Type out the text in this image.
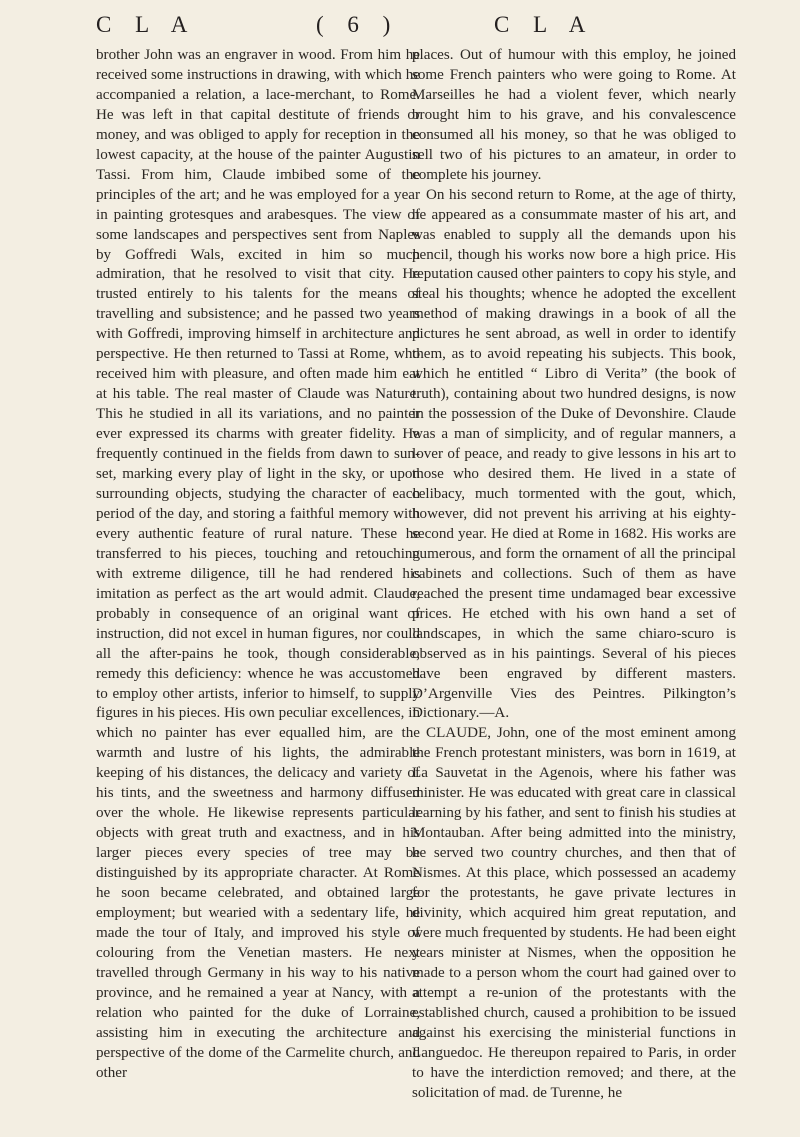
C L A	( 6 )	C L A

brother John was an engraver in wood. From him he received some instructions in drawing, with which he accompanied a relation, a lace-merchant, to Rome. He was left in that capital destitute of friends or money, and was obliged to apply for reception in the lowest capacity, at the house of the painter Augustin Tassi. From him, Claude imbibed some of the principles of the art; and he was employed for a year in painting grotesques and arabesques. The view of some landscapes and perspectives sent from Naples by Goffredi Wals, excited in him so much admiration, that he resolved to visit that city. He trusted entirely to his talents for the means of travelling and subsistence; and he passed two years with Goffredi, improving himself in architecture and perspective. He then returned to Tassi at Rome, who received him with pleasure, and often made him eat at his table. The real master of Claude was Nature. This he studied in all its variations, and no painter ever expressed its charms with greater fidelity. He frequently continued in the fields from dawn to sun-set, marking every play of light in the sky, or upon surrounding objects, studying the character of each period of the day, and storing a faithful memory with every authentic feature of rural nature. These he transferred to his pieces, touching and retouching with extreme diligence, till he had rendered his imitation as perfect as the art would admit. Claude, probably in consequence of an original want of instruction, did not excel in human figures, nor could all the after-pains he took, though considerable, remedy this deficiency: whence he was accustomed to employ other artists, inferior to himself, to supply figures in his pieces. His own peculiar excellences, in which no painter has ever equalled him, are the warmth and lustre of his lights, the admirable keeping of his distances, the delicacy and variety of his tints, and the sweetness and harmony diffused over the whole. He likewise represents particular objects with great truth and exactness, and in his larger pieces every species of tree may be distinguished by its appropriate character. At Rome he soon became celebrated, and obtained large employment; but wearied with a sedentary life, he made the tour of Italy, and improved his style of colouring from the Venetian masters. He next travelled through Germany in his way to his native province, and he remained a year at Nancy, with a relation who painted for the duke of Lorraine, assisting him in executing the architecture and perspective of the dome of the Carmelite church, and other

places. Out of humour with this employ, he joined some French painters who were going to Rome. At Marseilles he had a violent fever, which nearly brought him to his grave, and his convalescence consumed all his money, so that he was obliged to sell two of his pictures to an amateur, in order to complete his journey.

On his second return to Rome, at the age of thirty, he appeared as a consummate master of his art, and was enabled to supply all the demands upon his pencil, though his works now bore a high price. His reputation caused other painters to copy his style, and steal his thoughts; whence he adopted the excellent method of making drawings in a book of all the pictures he sent abroad, as well in order to identify them, as to avoid repeating his subjects. This book, which he entitled “ Libro di Verita” (the book of truth), containing about two hundred designs, is now in the possession of the Duke of Devonshire. Claude was a man of simplicity, and of regular manners, a lover of peace, and ready to give lessons in his art to those who desired them. He lived in a state of celibacy, much tormented with the gout, which, however, did not prevent his arriving at his eighty-second year. He died at Rome in 1682. His works are numerous, and form the ornament of all the principal cabinets and collections. Such of them as have reached the present time undamaged bear excessive prices. He etched with his own hand a set of landscapes, in which the same chiaro-scuro is observed as in his paintings. Several of his pieces have been engraved by different masters. D’Argenville Vies des Peintres. Pilkington’s Dictionary.—A.

CLAUDE, John, one of the most eminent among the French protestant ministers, was born in 1619, at La Sauvetat in the Agenois, where his father was minister. He was educated with great care in classical learning by his father, and sent to finish his studies at Montauban. After being admitted into the ministry, he served two country churches, and then that of Nismes. At this place, which possessed an academy for the protestants, he gave private lectures in divinity, which acquired him great reputation, and were much frequented by students. He had been eight years minister at Nismes, when the opposition he made to a person whom the court had gained over to attempt a re-union of the protestants with the established church, caused a prohibition to be issued against his exercising the ministerial functions in Languedoc. He thereupon repaired to Paris, in order to have the interdiction removed; and there, at the solicitation of mad. de Turenne, he
